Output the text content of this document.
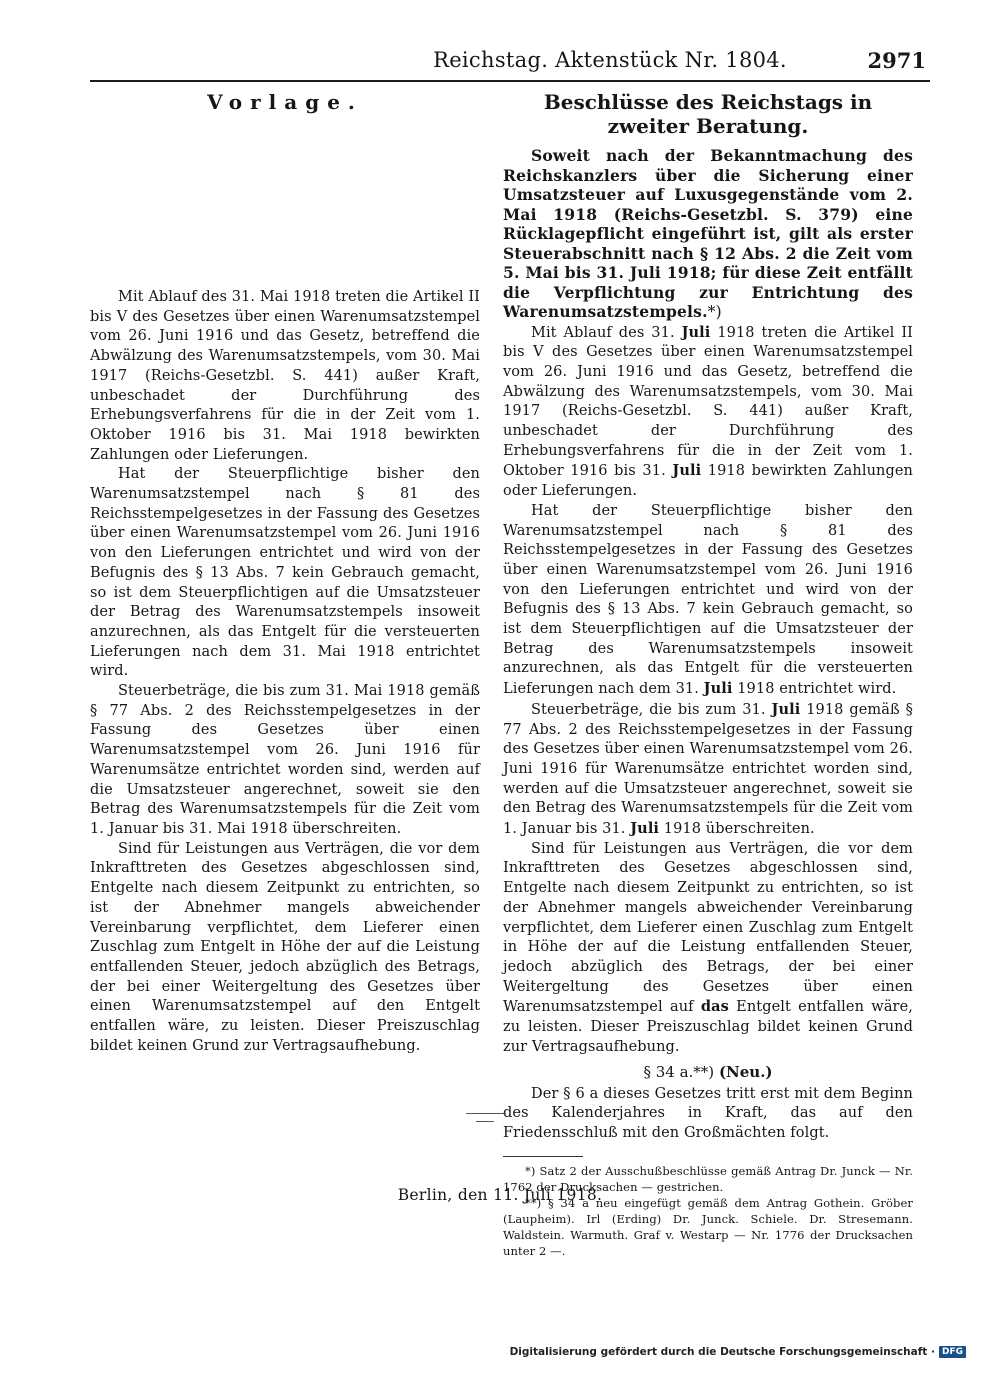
Reichstag. Aktenstück Nr. 1804.	2971
Vorlage.

Mit Ablauf des 31. Mai 1918 treten die Artikel II bis V des Gesetzes über einen Warenumsatzstempel vom 26. Juni 1916 und das Gesetz, betreffend die Abwälzung des Warenumsatzstempels, vom 30. Mai 1917 (Reichs-Gesetzbl. S. 441) außer Kraft, unbeschadet der Durchführung des Erhebungsverfahrens für die in der Zeit vom 1. Oktober 1916 bis 31. Mai 1918 bewirkten Zahlungen oder Lieferungen.

Hat der Steuerpflichtige bisher den Warenumsatzstempel nach § 81 des Reichsstempelgesetzes in der Fassung des Gesetzes über einen Warenumsatzstempel vom 26. Juni 1916 von den Lieferungen entrichtet und wird von der Befugnis des § 13 Abs. 7 kein Gebrauch gemacht, so ist dem Steuerpflichtigen auf die Umsatzsteuer der Betrag des Warenumsatzstempels insoweit anzurechnen, als das Entgelt für die versteuerten Lieferungen nach dem 31. Mai 1918 entrichtet wird.

Steuerbeträge, die bis zum 31. Mai 1918 gemäß § 77 Abs. 2 des Reichsstempelgesetzes in der Fassung des Gesetzes über einen Warenumsatzstempel vom 26. Juni 1916 für Warenumsätze entrichtet worden sind, werden auf die Umsatzsteuer angerechnet, soweit sie den Betrag des Warenumsatzstempels für die Zeit vom 1. Januar bis 31. Mai 1918 überschreiten.

Sind für Leistungen aus Verträgen, die vor dem Inkrafttreten des Gesetzes abgeschlossen sind, Entgelte nach diesem Zeitpunkt zu entrichten, so ist der Abnehmer mangels abweichender Vereinbarung verpflichtet, dem Lieferer einen Zuschlag zum Entgelt in Höhe der auf die Leistung entfallenden Steuer, jedoch abzüglich des Betrags, der bei einer Weitergeltung des Gesetzes über einen Warenumsatzstempel auf den Entgelt entfallen wäre, zu leisten. Dieser Preiszuschlag bildet keinen Grund zur Vertragsaufhebung.

Beschlüsse des Reichstags in zweiter Beratung.

Soweit nach der Bekanntmachung des Reichskanzlers über die Sicherung einer Umsatzsteuer auf Luxusgegenstände vom 2. Mai 1918 (Reichs-Gesetzbl. S. 379) eine Rücklagepflicht eingeführt ist, gilt als erster Steuerabschnitt nach § 12 Abs. 2 die Zeit vom 5. Mai bis 31. Juli 1918; für diese Zeit entfällt die Verpflichtung zur Entrichtung des Warenumsatzstempels.*)

Mit Ablauf des 31. Juli 1918 treten die Artikel II bis V des Gesetzes über einen Warenumsatzstempel vom 26. Juni 1916 und das Gesetz, betreffend die Abwälzung des Warenumsatzstempels, vom 30. Mai 1917 (Reichs-Gesetzbl. S. 441) außer Kraft, unbeschadet der Durchführung des Erhebungsverfahrens für die in der Zeit vom 1. Oktober 1916 bis 31. Juli 1918 bewirkten Zahlungen oder Lieferungen.

Hat der Steuerpflichtige bisher den Warenumsatzstempel nach § 81 des Reichsstempelgesetzes in der Fassung des Gesetzes über einen Warenumsatzstempel vom 26. Juni 1916 von den Lieferungen entrichtet und wird von der Befugnis des § 13 Abs. 7 kein Gebrauch gemacht, so ist dem Steuerpflichtigen auf die Umsatzsteuer der Betrag des Warenumsatzstempels insoweit anzurechnen, als das Entgelt für die versteuerten Lieferungen nach dem 31. Juli 1918 entrichtet wird.

Steuerbeträge, die bis zum 31. Juli 1918 gemäß § 77 Abs. 2 des Reichsstempelgesetzes in der Fassung des Gesetzes über einen Warenumsatzstempel vom 26. Juni 1916 für Warenumsätze entrichtet worden sind, werden auf die Umsatzsteuer angerechnet, soweit sie den Betrag des Warenumsatzstempels für die Zeit vom 1. Januar bis 31. Juli 1918 überschreiten.

Sind für Leistungen aus Verträgen, die vor dem Inkrafttreten des Gesetzes abgeschlossen sind, Entgelte nach diesem Zeitpunkt zu entrichten, so ist der Abnehmer mangels abweichender Vereinbarung verpflichtet, dem Lieferer einen Zuschlag zum Entgelt in Höhe der auf die Leistung entfallenden Steuer, jedoch abzüglich des Betrags, der bei einer Weitergeltung des Gesetzes über einen Warenumsatzstempel auf das Entgelt entfallen wäre, zu leisten. Dieser Preiszuschlag bildet keinen Grund zur Vertragsaufhebung.

§ 34 a.**) (Neu.)

Der § 6 a dieses Gesetzes tritt erst mit dem Beginn des Kalenderjahres in Kraft, das auf den Friedensschluß mit den Großmächten folgt.

*) Satz 2 der Ausschußbeschlüsse gemäß Antrag Dr. Junck — Nr. 1762 der Drucksachen — gestrichen.

**) § 34 a neu eingefügt gemäß dem Antrag Gothein. Gröber (Laupheim). Irl (Erding) Dr. Junck. Schiele. Dr. Stresemann. Waldstein. Warmuth. Graf v. Westarp — Nr. 1776 der Drucksachen unter 2 —.

Berlin, den 11. Juli 1918.
Digitalisierung gefördert durch die Deutsche Forschungsgemeinschaft · DFG
